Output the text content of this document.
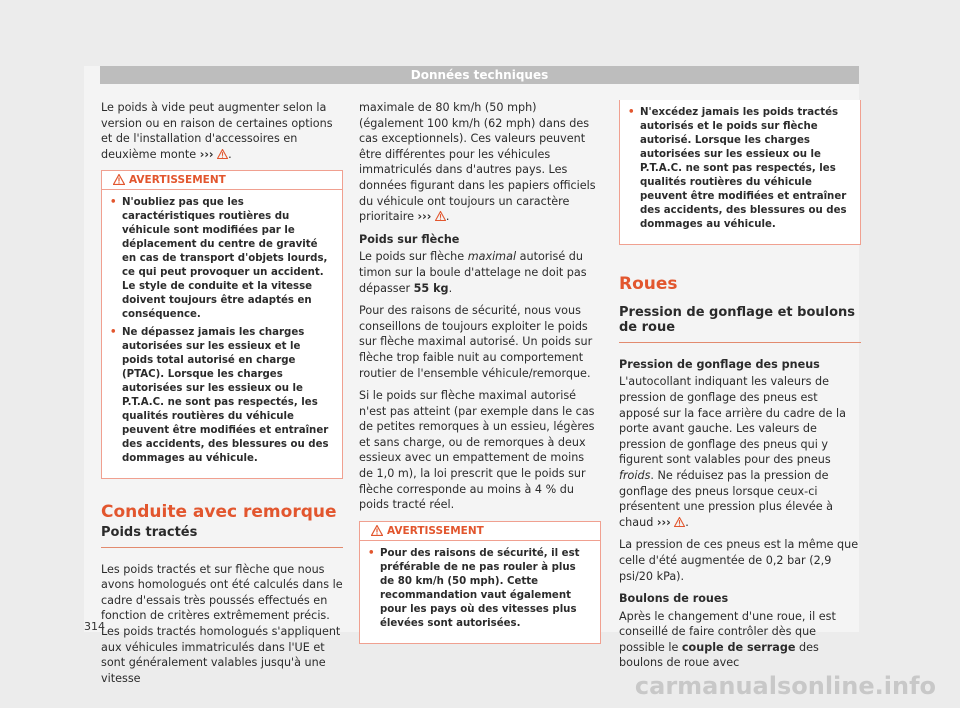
Données techniques

Le poids à vide peut augmenter selon la version ou en raison de certaines options et de l'installation d'accessoires en deuxième monte ››› .

AVERTISSEMENT
• N'oubliez pas que les caractéristiques routières du véhicule sont modifiées par le déplacement du centre de gravité en cas de transport d'objets lourds, ce qui peut provoquer un accident. Le style de conduite et la vitesse doivent toujours être adaptés en conséquence.
• Ne dépassez jamais les charges autorisées sur les essieux et le poids total autorisé en charge (PTAC). Lorsque les charges autorisées sur les essieux ou le P.T.A.C. ne sont pas respectés, les qualités routières du véhicule peuvent être modifiées et entraîner des accidents, des blessures ou des dommages au véhicule.
Conduite avec remorque
Poids tractés

Les poids tractés et sur flèche que nous avons homologués ont été calculés dans le cadre d'essais très poussés effectués en fonction de critères extrêmement précis. Les poids tractés homologués s'appliquent aux véhicules immatriculés dans l'UE et sont généralement valables jusqu'à une vitesse

maximale de 80 km/h (50 mph) (également 100 km/h (62 mph) dans des cas exceptionnels). Ces valeurs peuvent être différentes pour les véhicules immatriculés dans d'autres pays. Les données figurant dans les papiers officiels du véhicule ont toujours un caractère prioritaire ››› .

Poids sur flèche

Le poids sur flèche maximal autorisé du timon sur la boule d'attelage ne doit pas dépasser 55 kg.

Pour des raisons de sécurité, nous vous conseillons de toujours exploiter le poids sur flèche maximal autorisé. Un poids sur flèche trop faible nuit au comportement routier de l'ensemble véhicule/remorque.

Si le poids sur flèche maximal autorisé n'est pas atteint (par exemple dans le cas de petites remorques à un essieu, légères et sans charge, ou de remorques à deux essieux avec un empattement de moins de 1,0 m), la loi prescrit que le poids sur flèche corresponde au moins à 4 % du poids tracté réel.

AVERTISSEMENT
• Pour des raisons de sécurité, il est préférable de ne pas rouler à plus de 80 km/h (50 mph). Cette recommandation vaut également pour les pays où des vitesses plus élevées sont autorisées.
• N'excédez jamais les poids tractés autorisés et le poids sur flèche autorisé. Lorsque les charges autorisées sur les essieux ou le P.T.A.C. ne sont pas respectés, les qualités routières du véhicule peuvent être modifiées et entraîner des accidents, des blessures ou des dommages au véhicule.
Roues
Pression de gonflage et boulons de roue
Pression de gonflage des pneus

L'autocollant indiquant les valeurs de pression de gonflage des pneus est apposé sur la face arrière du cadre de la porte avant gauche. Les valeurs de pression de gonflage des pneus qui y figurent sont valables pour des pneus froids. Ne réduisez pas la pression de gonflage des pneus lorsque ceux-ci présentent une pression plus élevée à chaud ››› .

La pression de ces pneus est la même que celle d'été augmentée de 0,2 bar (2,9 psi/20 kPa).

Boulons de roues

Après le changement d'une roue, il est conseillé de faire contrôler dès que possible le couple de serrage des boulons de roue avec

314
carmanualsonline.info
